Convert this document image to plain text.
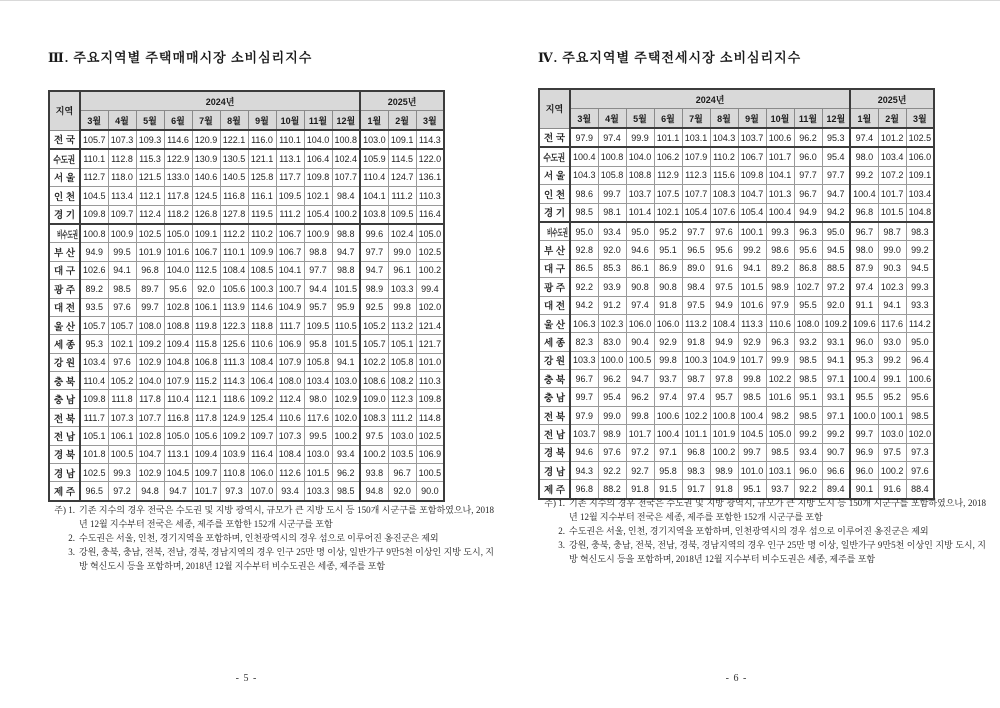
Ⅲ. 주요지역별 주택매매시장 소비심리지수	Ⅳ. 주요지역별 주택전세시장 소비심리지수
지역	2024년										2025년		
	3월	4월	5월	6월	7월	8월	9월	10월	11월	12월	1월	2월	3월
전 국	105.7	107.3	109.3	114.6	120.9	122.1	116.0	110.1	104.0	100.8	103.0	109.1	114.3
수도권	110.1	112.8	115.3	122.9	130.9	130.5	121.1	113.1	106.4	102.4	105.9	114.5	122.0
서 울	112.7	118.0	121.5	133.0	140.6	140.5	125.8	117.7	109.8	107.7	110.4	124.7	136.1
인 천	104.5	113.4	112.1	117.8	124.5	116.8	116.1	109.5	102.1	98.4	104.1	111.2	110.3
경 기	109.8	109.7	112.4	118.2	126.8	127.8	119.5	111.2	105.4	100.2	103.8	109.5	116.4
비수도권	100.8	100.9	102.5	105.0	109.1	112.2	110.2	106.7	100.9	98.8	99.6	102.4	105.0
부 산	94.9	99.5	101.9	101.6	106.7	110.1	109.9	106.7	98.8	94.7	97.7	99.0	102.5
대 구	102.6	94.1	96.8	104.0	112.5	108.4	108.5	104.1	97.7	98.8	94.7	96.1	100.2
광 주	89.2	98.5	89.7	95.6	92.0	105.6	100.3	100.7	94.4	101.5	98.9	103.3	99.4
대 전	93.5	97.6	99.7	102.8	106.1	113.9	114.6	104.9	95.7	95.9	92.5	99.8	102.0
울 산	105.7	105.7	108.0	108.8	119.8	122.3	118.8	111.7	109.5	110.5	105.2	113.2	121.4
세 종	95.3	102.1	109.2	109.4	115.8	125.6	110.6	106.9	95.8	101.5	105.7	105.1	121.7
강 원	103.4	97.6	102.9	104.8	106.8	111.3	108.4	107.9	105.8	94.1	102.2	105.8	101.0
충 북	110.4	105.2	104.0	107.9	115.2	114.3	106.4	108.0	103.4	103.0	108.6	108.2	110.3
충 남	109.8	111.8	117.8	110.4	112.1	118.6	109.2	112.4	98.0	102.9	109.0	112.3	109.8
전 북	111.7	107.3	107.7	116.8	117.8	124.9	125.4	110.6	117.6	102.0	108.3	111.2	114.8
전 남	105.1	106.1	102.8	105.0	105.6	109.2	109.7	107.3	99.5	100.2	97.5	103.0	102.5
경 북	101.8	100.5	104.7	113.1	109.4	103.9	116.4	108.4	103.0	93.4	100.2	103.5	106.9
경 남	102.5	99.3	102.9	104.5	109.7	110.8	106.0	112.6	101.5	96.2	93.8	96.7	100.5
제 주	96.5	97.2	94.8	94.7	101.7	97.3	107.0	93.4	103.3	98.5	94.8	92.0	90.0
지역	2024년										2025년		
	3월	4월	5월	6월	7월	8월	9월	10월	11월	12월	1월	2월	3월
전 국	97.9	97.4	99.9	101.1	103.1	104.3	103.7	100.6	96.2	95.3	97.4	101.2	102.5
수도권	100.4	100.8	104.0	106.2	107.9	110.2	106.7	101.7	96.0	95.4	98.0	103.4	106.0
서 울	104.3	105.8	108.8	112.9	112.3	115.6	109.8	104.1	97.7	97.7	99.2	107.2	109.1
인 천	98.6	99.7	103.7	107.5	107.7	108.3	104.7	101.3	96.7	94.7	100.4	101.7	103.4
경 기	98.5	98.1	101.4	102.1	105.4	107.6	105.4	100.4	94.9	94.2	96.8	101.5	104.8
비수도권	95.0	93.4	95.0	95.2	97.7	97.6	100.1	99.3	96.3	95.0	96.7	98.7	98.3
부 산	92.8	92.0	94.6	95.1	96.5	95.6	99.2	98.6	95.6	94.5	98.0	99.0	99.2
대 구	86.5	85.3	86.1	86.9	89.0	91.6	94.1	89.2	86.8	88.5	87.9	90.3	94.5
광 주	92.2	93.9	90.8	90.8	98.4	97.5	101.5	98.9	102.7	97.2	97.4	102.3	99.3
대 전	94.2	91.2	97.4	91.8	97.5	94.9	101.6	97.9	95.5	92.0	91.1	94.1	93.3
울 산	106.3	102.3	106.0	106.0	113.2	108.4	113.3	110.6	108.0	109.2	109.6	117.6	114.2
세 종	82.3	83.0	90.4	92.9	91.8	94.9	92.9	96.3	93.2	93.1	96.0	93.0	95.0
강 원	103.3	100.0	100.5	99.8	100.3	104.9	101.7	99.9	98.5	94.1	95.3	99.2	96.4
충 북	96.7	96.2	94.7	93.7	98.7	97.8	99.8	102.2	98.5	97.1	100.4	99.1	100.6
충 남	99.7	95.4	96.2	97.4	97.4	95.7	98.5	101.6	95.1	93.1	95.5	95.2	95.6
전 북	97.9	99.0	99.8	100.6	102.2	100.8	100.4	98.2	98.5	97.1	100.0	100.1	98.5
전 남	103.7	98.9	101.7	100.4	101.1	101.9	104.5	105.0	99.2	99.2	99.7	103.0	102.0
경 북	94.6	97.6	97.2	97.1	96.8	100.2	99.7	98.5	93.4	90.7	96.9	97.5	97.3
경 남	94.3	92.2	92.7	95.8	98.3	98.9	101.0	103.1	96.0	96.6	96.0	100.2	97.6
제 주	96.8	88.2	91.8	91.5	91.7	91.8	95.1	93.7	92.2	89.4	90.1	91.6	88.4
주) 1. 기존 지수의 경우 전국은 수도권 및 지방 광역시, 규모가 큰 지방 도시 등 150개 시군구를 포함하였으나, 2018년 12월 지수부터 전국은 세종, 제주를 포함한 152개 시군구를 포함
2. 수도권은 서울, 인천, 경기지역을 포함하며, 인천광역시의 경우 섬으로 이루어진 옹진군은 제외
3. 강원, 충북, 충남, 전북, 전남, 경북, 경남지역의 경우 인구 25만 명 이상, 일반가구 9만5천 이상인 지방 도시, 지방 혁신도시 등을 포함하며, 2018년 12월 지수부터 비수도권은 세종, 제주를 포함
주) 1. 기존 지수의 경우 전국은 수도권 및 지방 광역시, 규모가 큰 지방 도시 등 150개 시군구를 포함하였으나, 2018년 12월 지수부터 전국은 세종, 제주를 포함한 152개 시군구를 포함
2. 수도권은 서울, 인천, 경기지역을 포함하며, 인천광역시의 경우 섬으로 이루어진 옹진군은 제외
3. 강원, 충북, 충남, 전북, 전남, 경북, 경남지역의 경우 인구 25만 명 이상, 일반가구 9만5천 이상인 지방 도시, 지방 혁신도시 등을 포함하며, 2018년 12월 지수부터 비수도권은 세종, 제주를 포함
- 5 -	- 6 -
